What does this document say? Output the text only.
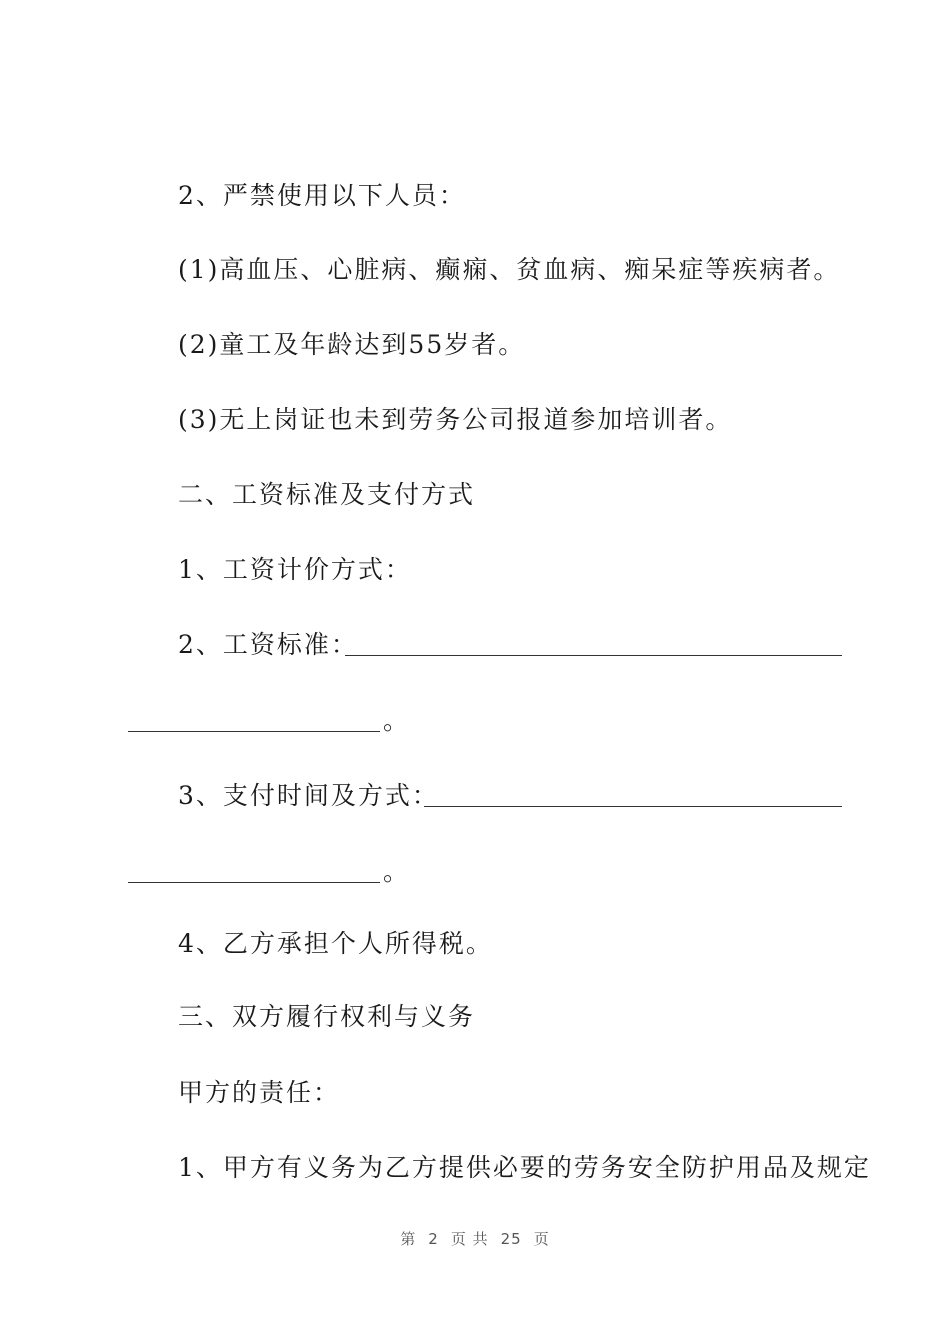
2、严禁使用以下人员：
(1)高血压、心脏病、癫痫、贫血病、痴呆症等疾病者。
(2)童工及年龄达到55岁者。
(3)无上岗证也未到劳务公司报道参加培训者。
二、工资标准及支付方式
1、工资计价方式：
2、工资标准：
。
3、支付时间及方式：
。
4、乙方承担个人所得税。
三、双方履行权利与义务
甲方的责任：
1、甲方有义务为乙方提供必要的劳务安全防护用品及规定
第 2 页 共 25 页
